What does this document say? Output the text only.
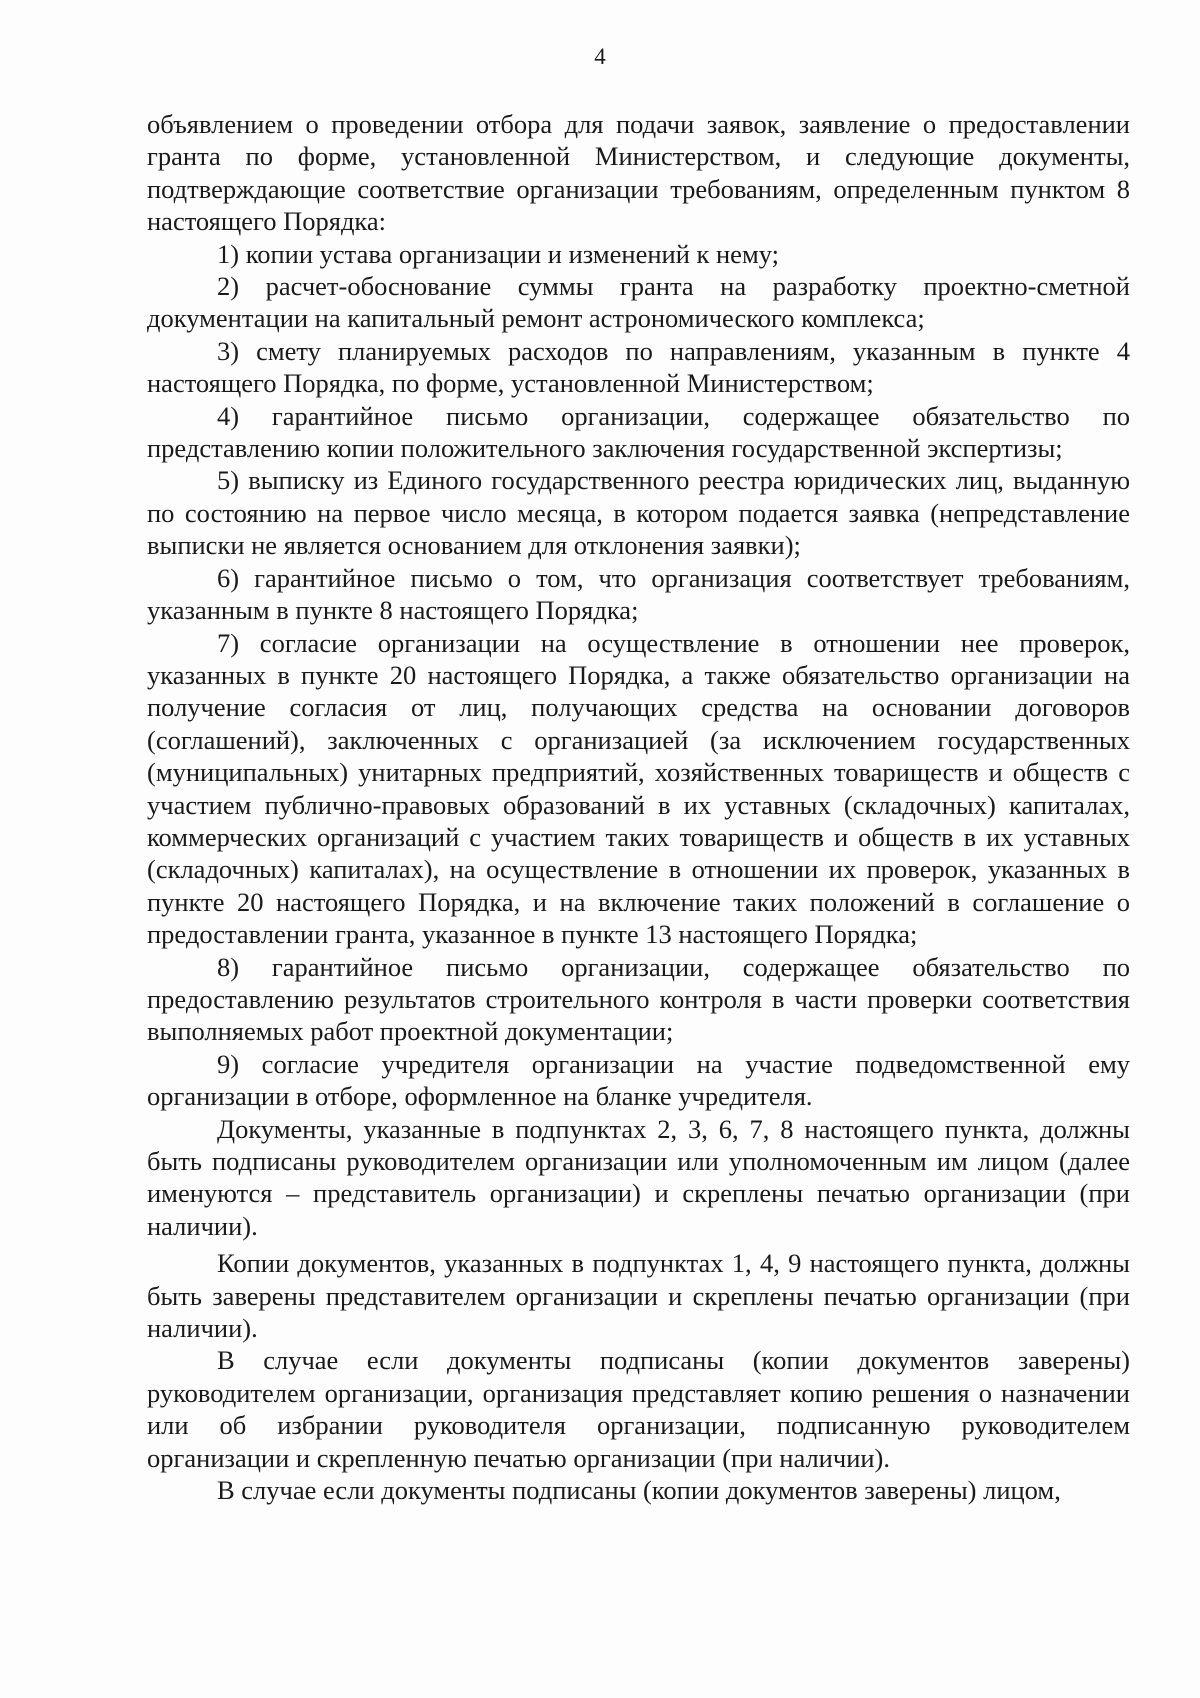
4

объявлением о проведении отбора для подачи заявок, заявление о предоставлении гранта по форме, установленной Министерством, и следующие документы, подтверждающие соответствие организации требованиям, определенным пунктом 8 настоящего Порядка:

1) копии устава организации и изменений к нему;

2) расчет-обоснование суммы гранта на разработку проектно-сметной документации на капитальный ремонт астрономического комплекса;

3) смету планируемых расходов по направлениям, указанным в пункте 4 настоящего Порядка, по форме, установленной Министерством;

4) гарантийное письмо организации, содержащее обязательство по представлению копии положительного заключения государственной экспертизы;

5) выписку из Единого государственного реестра юридических лиц, выданную по состоянию на первое число месяца, в котором подается заявка (непредставление выписки не является основанием для отклонения заявки);

6) гарантийное письмо о том, что организация соответствует требованиям, указанным в пункте 8 настоящего Порядка;

7) согласие организации на осуществление в отношении нее проверок, указанных в пункте 20 настоящего Порядка, а также обязательство организации на получение согласия от лиц, получающих средства на основании договоров (соглашений), заключенных с организацией (за исключением государственных (муниципальных) унитарных предприятий, хозяйственных товариществ и обществ с участием публично-правовых образований в их уставных (складочных) капиталах, коммерческих организаций с участием таких товариществ и обществ в их уставных (складочных) капиталах), на осуществление в отношении их проверок, указанных в пункте 20 настоящего Порядка, и на включение таких положений в соглашение о предоставлении гранта, указанное в пункте 13 настоящего Порядка;

8) гарантийное письмо организации, содержащее обязательство по предоставлению результатов строительного контроля в части проверки соответствия выполняемых работ проектной документации;

9) согласие учредителя организации на участие подведомственной ему организации в отборе, оформленное на бланке учредителя.

Документы, указанные в подпунктах 2, 3, 6, 7, 8 настоящего пункта, должны быть подписаны руководителем организации или уполномоченным им лицом (далее именуются – представитель организации) и скреплены печатью организации (при наличии).

Копии документов, указанных в подпунктах 1, 4, 9 настоящего пункта, должны быть заверены представителем организации и скреплены печатью организации (при наличии).

В случае если документы подписаны (копии документов заверены) руководителем организации, организация представляет копию решения о назначении или об избрании руководителя организации, подписанную руководителем организации и скрепленную печатью организации (при наличии).

В случае если документы подписаны (копии документов заверены) лицом,
